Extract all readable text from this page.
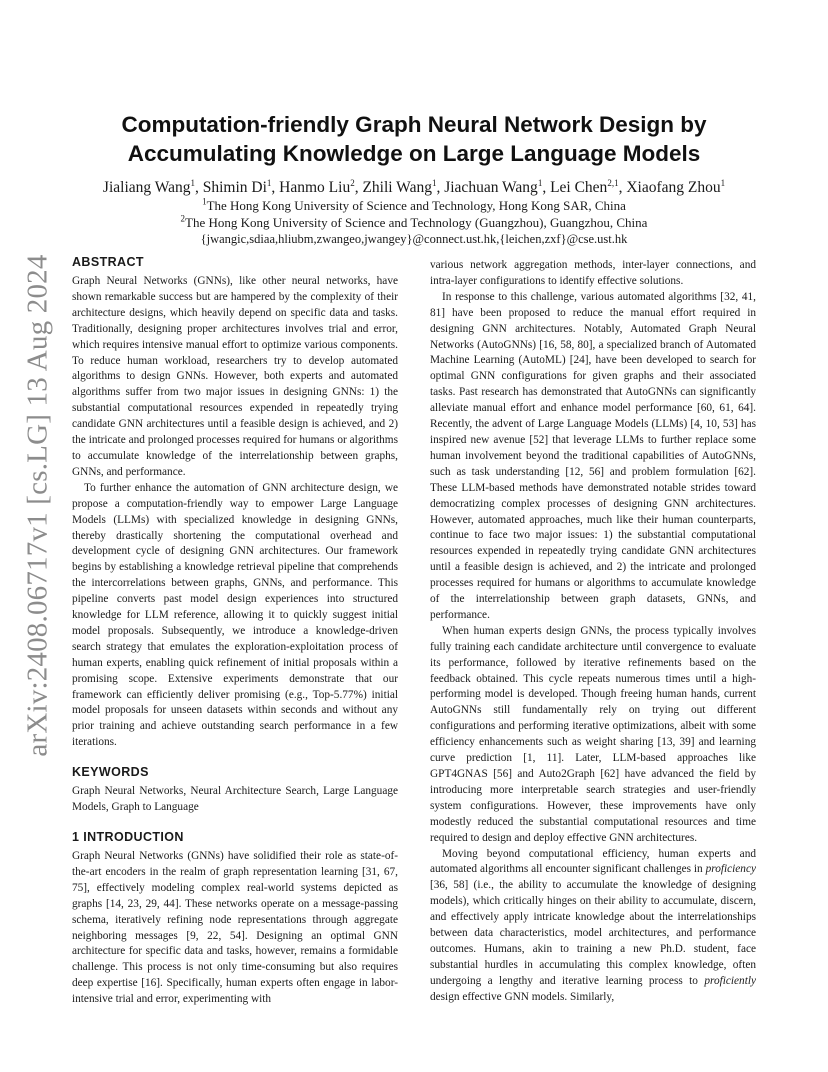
arXiv:2408.06717v1 [cs.LG] 13 Aug 2024
Computation-friendly Graph Neural Network Design by
Accumulating Knowledge on Large Language Models
Jialiang Wang$^1$, Shimin Di$^1$, Hanmo Liu$^2$, Zhili Wang$^1$, Jiachuan Wang$^1$, Lei Chen$^{2,1}$, Xiaofang Zhou$^1$
$^1$The Hong Kong University of Science and Technology, Hong Kong SAR, China
$^2$The Hong Kong University of Science and Technology (Guangzhou), Guangzhou, China
{jwangic,sdiaa,hliubm,zwangeo,jwangey}@connect.ust.hk,{leichen,zxf}@cse.ust.hk
ABSTRACT

Graph Neural Networks (GNNs), like other neural networks, have shown remarkable success but are hampered by the complexity of their architecture designs, which heavily depend on specific data and tasks. Traditionally, designing proper architectures involves trial and error, which requires intensive manual effort to optimize various components. To reduce human workload, researchers try to develop automated algorithms to design GNNs. However, both experts and automated algorithms suffer from two major issues in designing GNNs: 1) the substantial computational resources expended in repeatedly trying candidate GNN architectures until a feasible design is achieved, and 2) the intricate and prolonged processes required for humans or algorithms to accumulate knowledge of the interrelationship between graphs, GNNs, and performance.

To further enhance the automation of GNN architecture design, we propose a computation-friendly way to empower Large Language Models (LLMs) with specialized knowledge in designing GNNs, thereby drastically shortening the computational overhead and development cycle of designing GNN architectures. Our framework begins by establishing a knowledge retrieval pipeline that comprehends the intercorrelations between graphs, GNNs, and performance. This pipeline converts past model design experiences into structured knowledge for LLM reference, allowing it to quickly suggest initial model proposals. Subsequently, we introduce a knowledge-driven search strategy that emulates the exploration-exploitation process of human experts, enabling quick refinement of initial proposals within a promising scope. Extensive experiments demonstrate that our framework can efficiently deliver promising (e.g., Top-5.77%) initial model proposals for unseen datasets within seconds and without any prior training and achieve outstanding search performance in a few iterations.

KEYWORDS

Graph Neural Networks, Neural Architecture Search, Large Language Models, Graph to Language

1 INTRODUCTION

Graph Neural Networks (GNNs) have solidified their role as state-of-the-art encoders in the realm of graph representation learning [31, 67, 75], effectively modeling complex real-world systems depicted as graphs [14, 23, 29, 44]. These networks operate on a message-passing schema, iteratively refining node representations through aggregate neighboring messages [9, 22, 54]. Designing an optimal GNN architecture for specific data and tasks, however, remains a formidable challenge. This process is not only time-consuming but also requires deep expertise [16]. Specifically, human experts often engage in labor-intensive trial and error, experimenting with

various network aggregation methods, inter-layer connections, and intra-layer configurations to identify effective solutions.

In response to this challenge, various automated algorithms [32, 41, 81] have been proposed to reduce the manual effort required in designing GNN architectures. Notably, Automated Graph Neural Networks (AutoGNNs) [16, 58, 80], a specialized branch of Automated Machine Learning (AutoML) [24], have been developed to search for optimal GNN configurations for given graphs and their associated tasks. Past research has demonstrated that AutoGNNs can significantly alleviate manual effort and enhance model performance [60, 61, 64]. Recently, the advent of Large Language Models (LLMs) [4, 10, 53] has inspired new avenue [52] that leverage LLMs to further replace some human involvement beyond the traditional capabilities of AutoGNNs, such as task understanding [12, 56] and problem formulation [62]. These LLM-based methods have demonstrated notable strides toward democratizing complex processes of designing GNN architectures. However, automated approaches, much like their human counterparts, continue to face two major issues: 1) the substantial computational resources expended in repeatedly trying candidate GNN architectures until a feasible design is achieved, and 2) the intricate and prolonged processes required for humans or algorithms to accumulate knowledge of the interrelationship between graph datasets, GNNs, and performance.

When human experts design GNNs, the process typically involves fully training each candidate architecture until convergence to evaluate its performance, followed by iterative refinements based on the feedback obtained. This cycle repeats numerous times until a high-performing model is developed. Though freeing human hands, current AutoGNNs still fundamentally rely on trying out different configurations and performing iterative optimizations, albeit with some efficiency enhancements such as weight sharing [13, 39] and learning curve prediction [1, 11]. Later, LLM-based approaches like GPT4GNAS [56] and Auto2Graph [62] have advanced the field by introducing more interpretable search strategies and user-friendly system configurations. However, these improvements have only modestly reduced the substantial computational resources and time required to design and deploy effective GNN architectures.

Moving beyond computational efficiency, human experts and automated algorithms all encounter significant challenges in proficiency [36, 58] (i.e., the ability to accumulate the knowledge of designing models), which critically hinges on their ability to accumulate, discern, and effectively apply intricate knowledge about the interrelationships between data characteristics, model architectures, and performance outcomes. Humans, akin to training a new Ph.D. student, face substantial hurdles in accumulating this complex knowledge, often undergoing a lengthy and iterative learning process to proficiently design effective GNN models. Similarly,
